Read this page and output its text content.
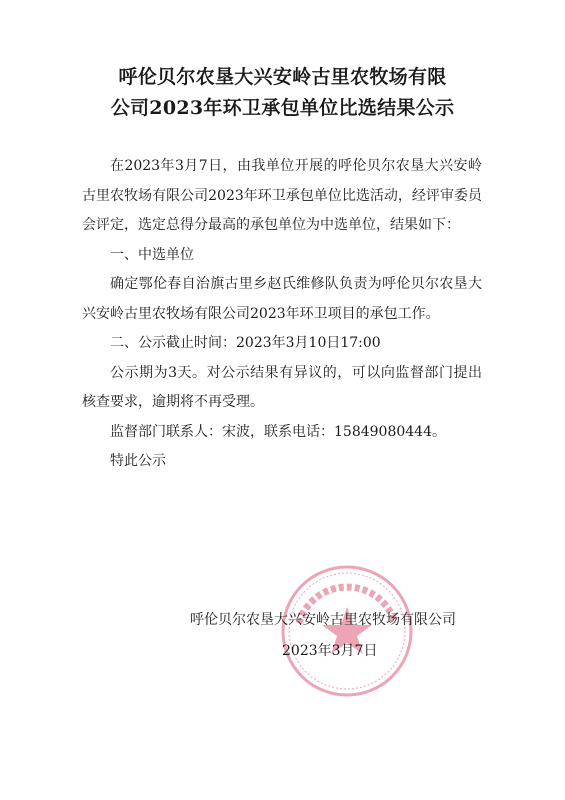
呼伦贝尔农垦大兴安岭古里农牧场有限
公司2023年环卫承包单位比选结果公示

在2023年3月7日，由我单位开展的呼伦贝尔农垦大兴安岭古里农牧场有限公司2023年环卫承包单位比选活动，经评审委员会评定，选定总得分最高的承包单位为中选单位，结果如下：

一、中选单位

确定鄂伦春自治旗古里乡赵氏维修队负责为呼伦贝尔农垦大兴安岭古里农牧场有限公司2023年环卫项目的承包工作。

二、公示截止时间：2023年3月10日17:00

公示期为3天。对公示结果有异议的，可以向监督部门提出核查要求，逾期将不再受理。

监督部门联系人：宋波，联系电话：15849080444。

特此公示

呼伦贝尔农垦大兴安岭古里农牧场有限公司
2023年3月7日
